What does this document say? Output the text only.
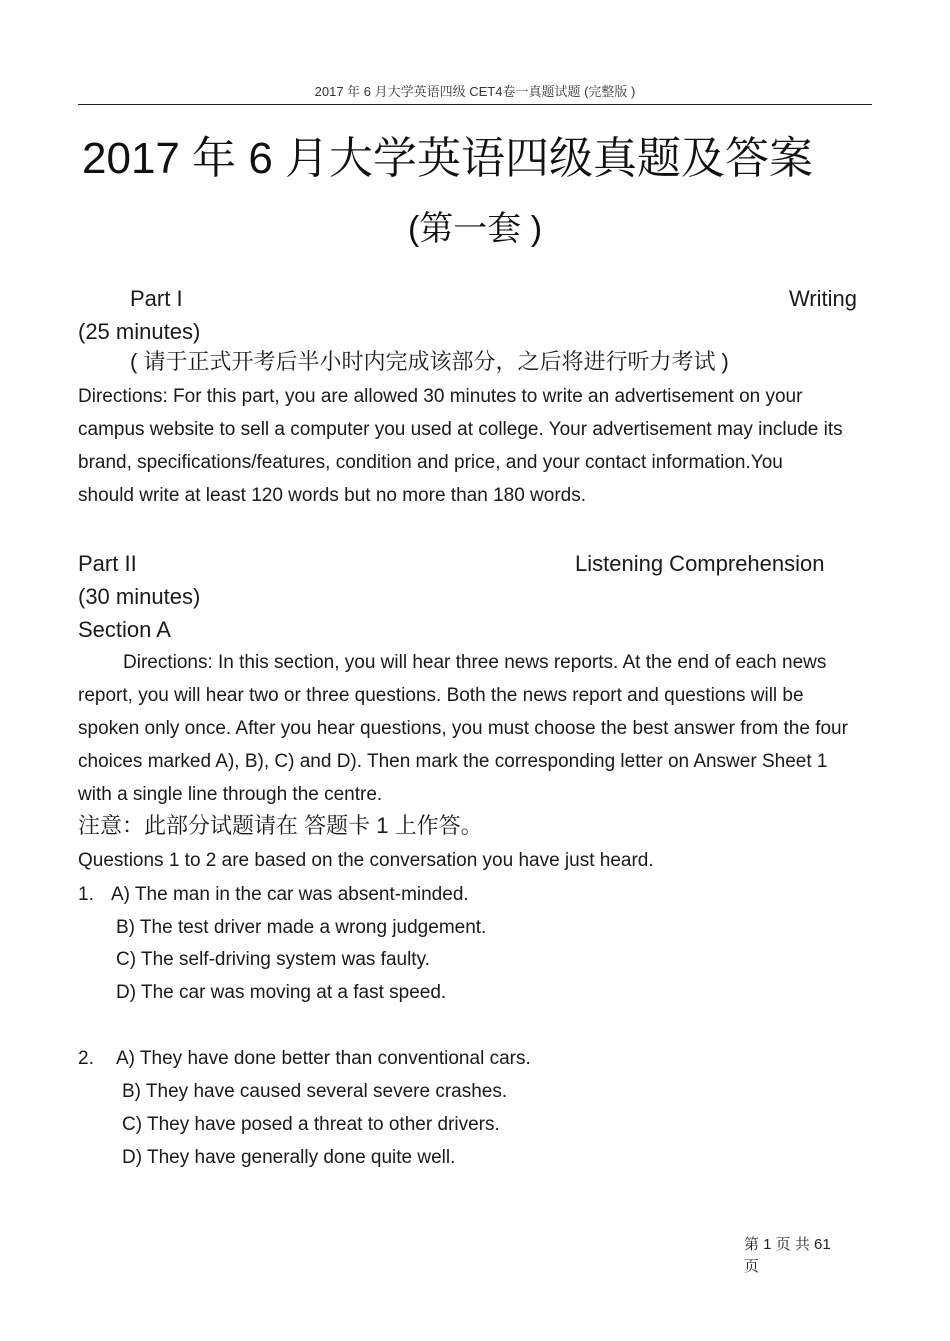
2017 年 6 月大学英语四级 CET4卷一真题试题 (完整版 )
2017 年 6 月大学英语四级真题及答案
(第一套 )
Part I	Writing
(25 minutes)
( 请于正式开考后半小时内完成该部分，之后将进行听力考试 )
Directions: For this part, you are allowed 30 minutes to write an advertisement on your
campus website to sell a computer you used at college. Your advertisement may include its
brand, specifications/features, condition and price, and your contact information.You
should write at least 120 words but no more than 180 words.
Part II	Listening Comprehension
(30 minutes)
Section A
Directions: In this section, you will hear three news reports. At the end of each news
report, you will hear two or three questions. Both the news report and questions will be
spoken only once. After you hear questions, you must choose the best answer from the four
choices marked A), B), C) and D). Then mark the corresponding letter on Answer Sheet 1
with a single line through the centre.
注意：此部分试题请在 答题卡 1 上作答。
Questions 1 to 2 are based on the conversation you have just heard.
1. A) The man in the car was absent-minded.
B) The test driver made a wrong judgement.
C) The self-driving system was faulty.
D) The car was moving at a fast speed.
2. A) They have done better than conventional cars.
B) They have caused several severe crashes.
C) They have posed a threat to other drivers.
D) They have generally done quite well.
第 1 页 共 61
页
